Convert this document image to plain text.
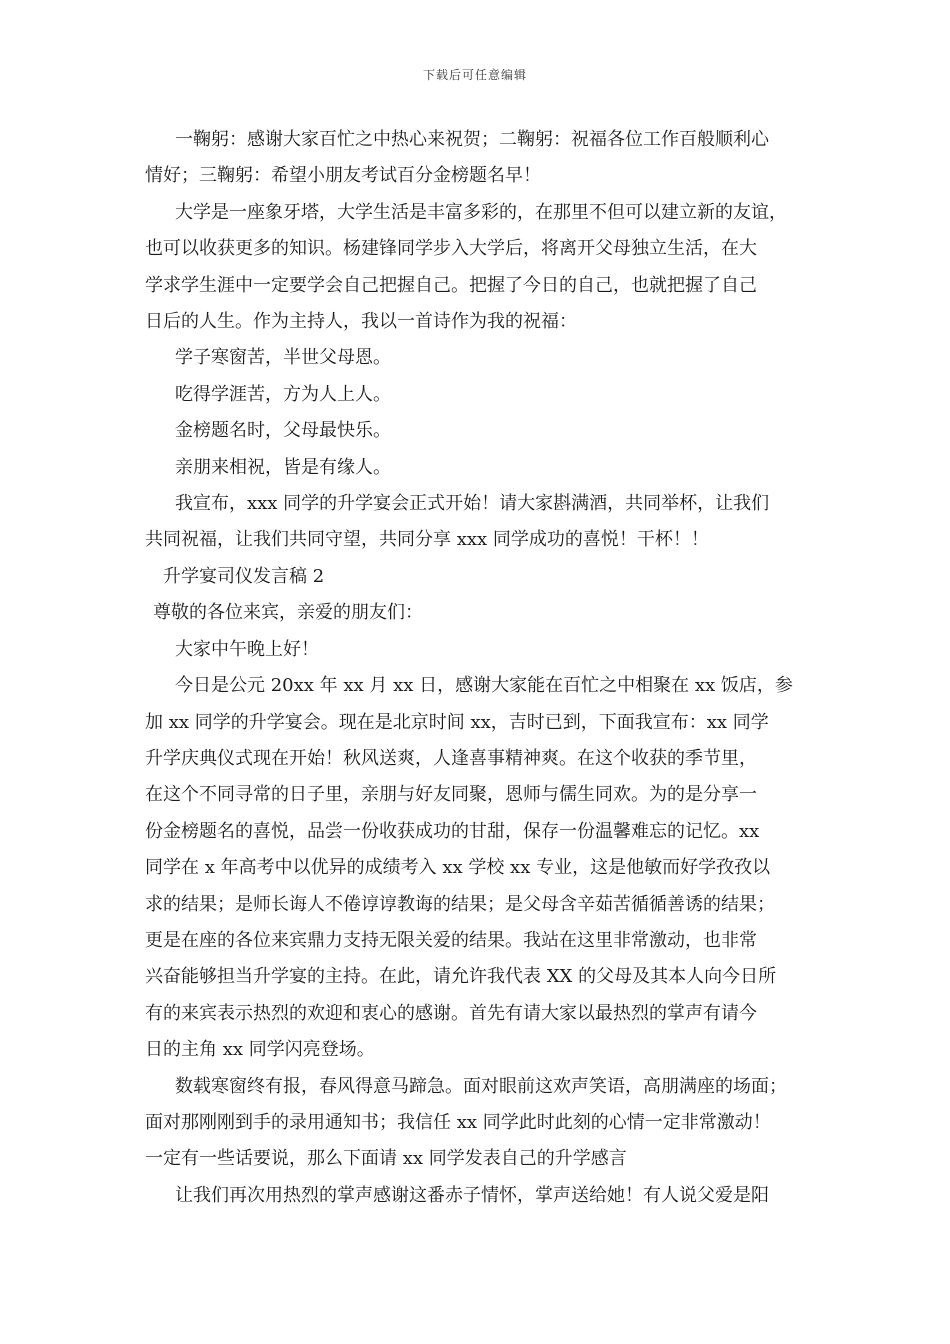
下载后可任意编辑

一鞠躬：感谢大家百忙之中热心来祝贺；二鞠躬：祝福各位工作百般顺利心

情好；三鞠躬：希望小朋友考试百分金榜题名早！

大学是一座象牙塔，大学生活是丰富多彩的，在那里不但可以建立新的友谊，

也可以收获更多的知识。杨建锋同学步入大学后，将离开父母独立生活，在大

学求学生涯中一定要学会自己把握自己。把握了今日的自己，也就把握了自己

日后的人生。作为主持人，我以一首诗作为我的祝福：

学子寒窗苦，半世父母恩。

吃得学涯苦，方为人上人。

金榜题名时，父母最快乐。

亲朋来相祝，皆是有缘人。

我宣布，xxx 同学的升学宴会正式开始！请大家斟满酒，共同举杯，让我们

共同祝福，让我们共同守望，共同分享 xxx 同学成功的喜悦！干杯！！

升学宴司仪发言稿 2

尊敬的各位来宾，亲爱的朋友们：

大家中午晚上好！

今日是公元 20xx 年 xx 月 xx 日，感谢大家能在百忙之中相聚在 xx 饭店，参

加 xx 同学的升学宴会。现在是北京时间 xx，吉时已到，下面我宣布：xx 同学

升学庆典仪式现在开始！秋风送爽，人逢喜事精神爽。在这个收获的季节里，

在这个不同寻常的日子里，亲朋与好友同聚，恩师与儒生同欢。为的是分享一

份金榜题名的喜悦，品尝一份收获成功的甘甜，保存一份温馨难忘的记忆。xx

同学在 x 年高考中以优异的成绩考入 xx 学校 xx 专业，这是他敏而好学孜孜以

求的结果；是师长诲人不倦谆谆教诲的结果；是父母含辛茹苦循循善诱的结果；

更是在座的各位来宾鼎力支持无限关爱的结果。我站在这里非常激动，也非常

兴奋能够担当升学宴的主持。在此，请允许我代表 XX 的父母及其本人向今日所

有的来宾表示热烈的欢迎和衷心的感谢。首先有请大家以最热烈的掌声有请今

日的主角 xx 同学闪亮登场。

数载寒窗终有报，春风得意马蹄急。面对眼前这欢声笑语，高朋满座的场面；

面对那刚刚到手的录用通知书；我信任 xx 同学此时此刻的心情一定非常激动！

一定有一些话要说，那么下面请 xx 同学发表自己的升学感言

让我们再次用热烈的掌声感谢这番赤子情怀，掌声送给她！有人说父爱是阳
